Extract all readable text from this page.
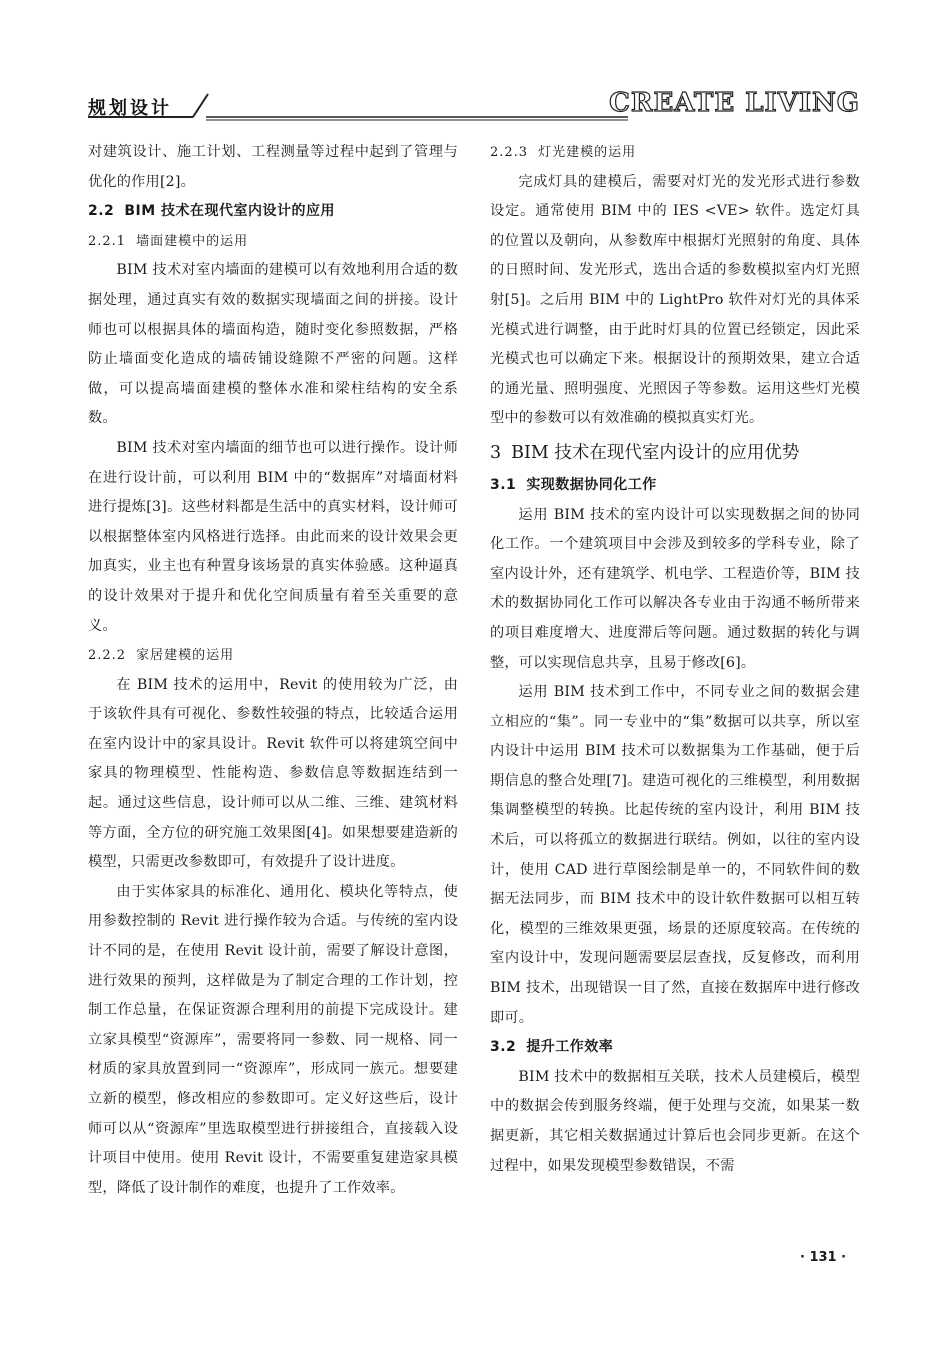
规划设计	CREATE LIVING

对建筑设计、施工计划、工程测量等过程中起到了管理与优化的作用[2]。

2.2 BIM 技术在现代室内设计的应用

2.2.1 墙面建模中的运用

BIM 技术对室内墙面的建模可以有效地利用合适的数据处理，通过真实有效的数据实现墙面之间的拼接。设计师也可以根据具体的墙面构造，随时变化参照数据，严格防止墙面变化造成的墙砖铺设缝隙不严密的问题。这样做，可以提高墙面建模的整体水准和梁柱结构的安全系数。

BIM 技术对室内墙面的细节也可以进行操作。设计师在进行设计前，可以利用 BIM 中的“数据库”对墙面材料进行提炼[3]。这些材料都是生活中的真实材料，设计师可以根据整体室内风格进行选择。由此而来的设计效果会更加真实，业主也有种置身该场景的真实体验感。这种逼真的设计效果对于提升和优化空间质量有着至关重要的意义。

2.2.2 家居建模的运用

在 BIM 技术的运用中，Revit 的使用较为广泛，由于该软件具有可视化、参数性较强的特点，比较适合运用在室内设计中的家具设计。Revit 软件可以将建筑空间中家具的物理模型、性能构造、参数信息等数据连结到一起。通过这些信息，设计师可以从二维、三维、建筑材料等方面，全方位的研究施工效果图[4]。如果想要建造新的模型，只需更改参数即可，有效提升了设计进度。

由于实体家具的标准化、通用化、模块化等特点，使用参数控制的 Revit 进行操作较为合适。与传统的室内设计不同的是，在使用 Revit 设计前，需要了解设计意图，进行效果的预判，这样做是为了制定合理的工作计划，控制工作总量，在保证资源合理利用的前提下完成设计。建立家具模型“资源库”，需要将同一参数、同一规格、同一材质的家具放置到同一“资源库”，形成同一族元。想要建立新的模型，修改相应的参数即可。定义好这些后，设计师可以从“资源库”里选取模型进行拼接组合，直接载入设计项目中使用。使用 Revit 设计，不需要重复建造家具模型，降低了设计制作的难度，也提升了工作效率。

2.2.3 灯光建模的运用

完成灯具的建模后，需要对灯光的发光形式进行参数设定。通常使用 BIM 中的 IES <VE> 软件。选定灯具的位置以及朝向，从参数库中根据灯光照射的角度、具体的日照时间、发光形式，选出合适的参数模拟室内灯光照射[5]。之后用 BIM 中的 LightPro 软件对灯光的具体采光模式进行调整，由于此时灯具的位置已经锁定，因此采光模式也可以确定下来。根据设计的预期效果，建立合适的通光量、照明强度、光照因子等参数。运用这些灯光模型中的参数可以有效准确的模拟真实灯光。

3 BIM 技术在现代室内设计的应用优势

3.1 实现数据协同化工作

运用 BIM 技术的室内设计可以实现数据之间的协同化工作。一个建筑项目中会涉及到较多的学科专业，除了室内设计外，还有建筑学、机电学、工程造价等，BIM 技术的数据协同化工作可以解决各专业由于沟通不畅所带来的项目难度增大、进度滞后等问题。通过数据的转化与调整，可以实现信息共享，且易于修改[6]。

运用 BIM 技术到工作中，不同专业之间的数据会建立相应的“集”。同一专业中的“集”数据可以共享，所以室内设计中运用 BIM 技术可以数据集为工作基础，便于后期信息的整合处理[7]。建造可视化的三维模型，利用数据集调整模型的转换。比起传统的室内设计，利用 BIM 技术后，可以将孤立的数据进行联结。例如，以往的室内设计，使用 CAD 进行草图绘制是单一的，不同软件间的数据无法同步，而 BIM 技术中的设计软件数据可以相互转化，模型的三维效果更强，场景的还原度较高。在传统的室内设计中，发现问题需要层层查找，反复修改，而利用 BIM 技术，出现错误一目了然，直接在数据库中进行修改即可。

3.2 提升工作效率

BIM 技术中的数据相互关联，技术人员建模后，模型中的数据会传到服务终端，便于处理与交流，如果某一数据更新，其它相关数据通过计算后也会同步更新。在这个过程中，如果发现模型参数错误，不需

· 131 ·
